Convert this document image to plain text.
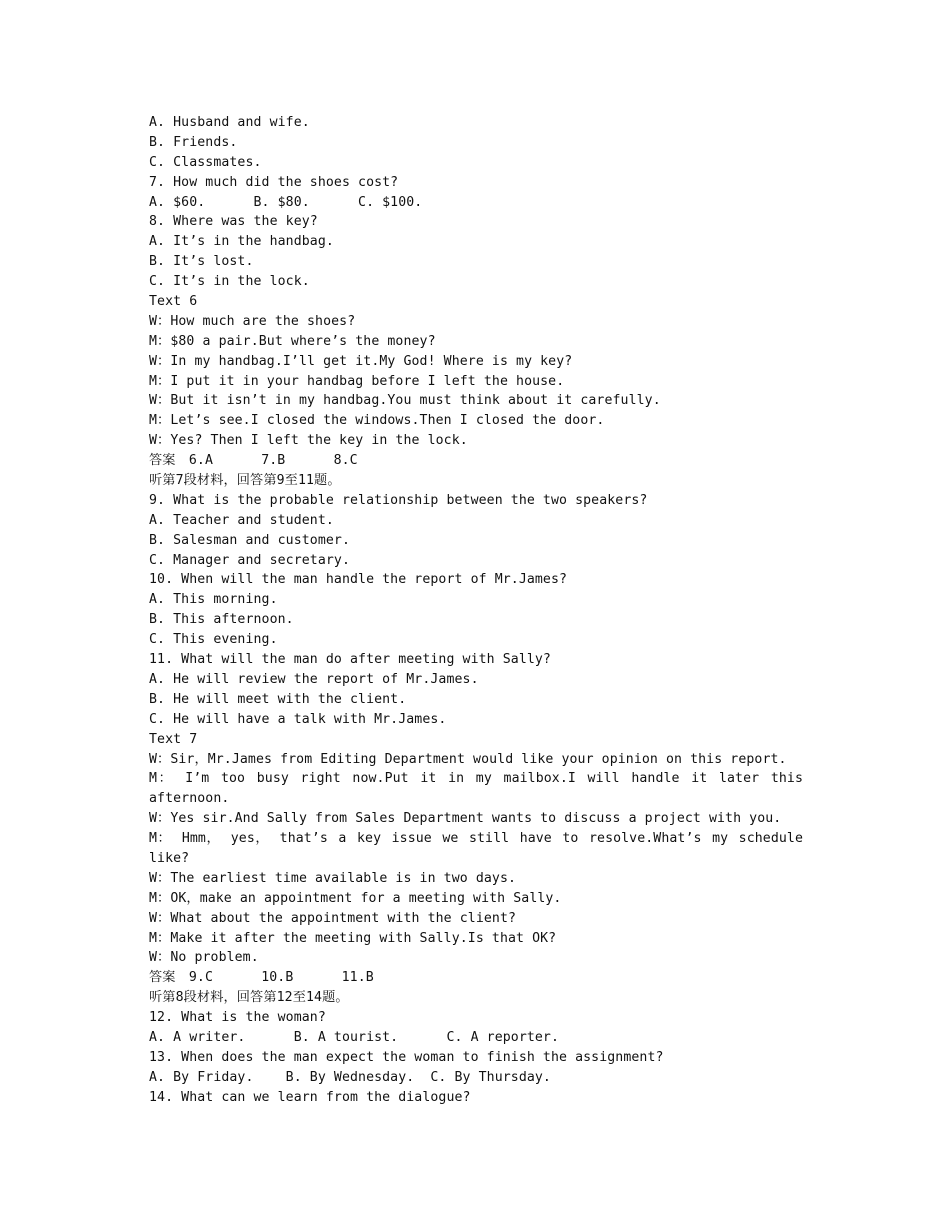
A. Husband and wife.
B. Friends.
C. Classmates.
7. How much did the shoes cost?
A. $60.      B. $80.      C. $100.
8. Where was the key?
A. It’s in the handbag.
B. It’s lost.
C. It’s in the lock.
Text 6
W：How much are the shoes?
M：$80 a pair.But where’s the money?
W：In my handbag.I’ll get it.My God! Where is my key?
M：I put it in your handbag before I left the house.
W：But it isn’t in my handbag.You must think about it carefully.
M：Let’s see.I closed the windows.Then I closed the door.
W：Yes? Then I left the key in the lock.
答案　6.A      7.B      8.C
听第7段材料，回答第9至11题。
9. What is the probable relationship between the two speakers?
A. Teacher and student.
B. Salesman and customer.
C. Manager and secretary.
10. When will the man handle the report of Mr.James?
A. This morning.
B. This afternoon.
C. This evening.
11. What will the man do after meeting with Sally?
A. He will review the report of Mr.James.
B. He will meet with the client.
C. He will have a talk with Mr.James.
Text 7
W：Sir，Mr.James from Editing Department would like your opinion on this report.
M： I’m too busy right now.Put it in my mailbox.I will handle it later this afternoon.
W：Yes sir.And Sally from Sales Department wants to discuss a project with you.
M： Hmm， yes， that’s a key issue we still have to resolve.What’s my schedule like?
W：The earliest time available is in two days.
M：OK，make an appointment for a meeting with Sally.
W：What about the appointment with the client?
M：Make it after the meeting with Sally.Is that OK?
W：No problem.
答案　9.C      10.B      11.B
听第8段材料，回答第12至14题。
12. What is the woman?
A. A writer.      B. A tourist.      C. A reporter.
13. When does the man expect the woman to finish the assignment?
A. By Friday.    B. By Wednesday.  C. By Thursday.
14. What can we learn from the dialogue?
